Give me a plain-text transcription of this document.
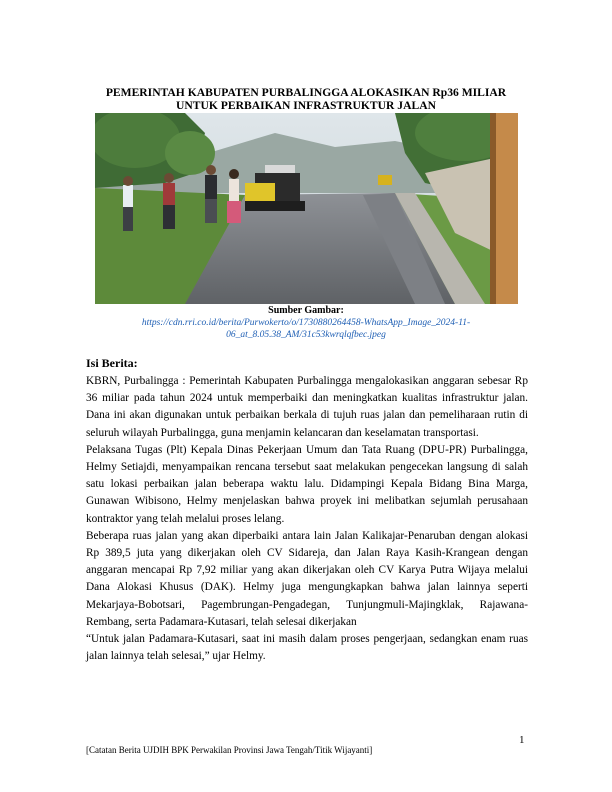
PEMERINTAH KABUPATEN PURBALINGGA ALOKASIKAN Rp36 MILIAR
UNTUK PERBAIKAN INFRASTRUKTUR JALAN
Sumber Gambar:
https://cdn.rri.co.id/berita/Purwokerto/o/1730880264458-WhatsApp_Image_2024-11-
06_at_8.05.38_AM/31c53kwrqlqfbec.jpeg
Isi Berita:

KBRN, Purbalingga : Pemerintah Kabupaten Purbalingga mengalokasikan anggaran sebesar Rp 36 miliar pada tahun 2024 untuk memperbaiki dan meningkatkan kualitas infrastruktur jalan. Dana ini akan digunakan untuk perbaikan berkala di tujuh ruas jalan dan pemeliharaan rutin di seluruh wilayah Purbalingga, guna menjamin kelancaran dan keselamatan transportasi.

Pelaksana Tugas (Plt) Kepala Dinas Pekerjaan Umum dan Tata Ruang (DPU-PR) Purbalingga, Helmy Setiajdi, menyampaikan rencana tersebut saat melakukan pengecekan langsung di salah satu lokasi perbaikan jalan beberapa waktu lalu. Didampingi Kepala Bidang Bina Marga, Gunawan Wibisono, Helmy menjelaskan bahwa proyek ini melibatkan sejumlah perusahaan kontraktor yang telah melalui proses lelang.

Beberapa ruas jalan yang akan diperbaiki antara lain Jalan Kalikajar-Penaruban dengan alokasi Rp 389,5 juta yang dikerjakan oleh CV Sidareja, dan Jalan Raya Kasih-Krangean dengan anggaran mencapai Rp 7,92 miliar yang akan dikerjakan oleh CV Karya Putra Wijaya melalui Dana Alokasi Khusus (DAK). Helmy juga mengungkapkan bahwa jalan lainnya seperti Mekarjaya-Bobotsari, Pagembrungan-Pengadegan, Tunjungmuli-Majingklak, Rajawana-Rembang, serta Padamara-Kutasari, telah selesai dikerjakan

“Untuk jalan Padamara-Kutasari, saat ini masih dalam proses pengerjaan, sedangkan enam ruas jalan lainnya telah selesai,” ujar Helmy.

1
[Catatan Berita UJDIH BPK Perwakilan Provinsi Jawa Tengah/Titik Wijayanti]
